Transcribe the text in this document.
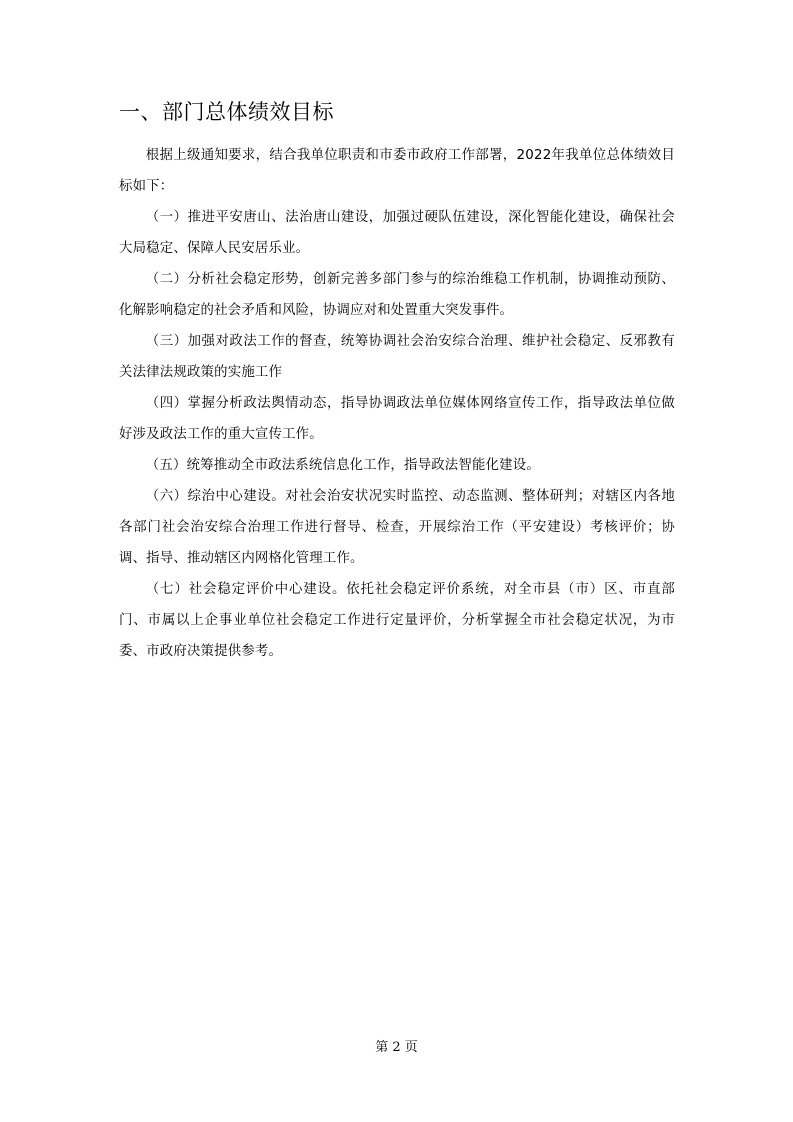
一、部门总体绩效目标

根据上级通知要求，结合我单位职责和市委市政府工作部署，2022年我单位总体绩效目标如下：

（一）推进平安唐山、法治唐山建设，加强过硬队伍建设，深化智能化建设，确保社会大局稳定、保障人民安居乐业。

（二）分析社会稳定形势，创新完善多部门参与的综治维稳工作机制，协调推动预防、化解影响稳定的社会矛盾和风险，协调应对和处置重大突发事件。

（三）加强对政法工作的督查，统筹协调社会治安综合治理、维护社会稳定、反邪教有关法律法规政策的实施工作

（四）掌握分析政法舆情动态，指导协调政法单位媒体网络宣传工作，指导政法单位做好涉及政法工作的重大宣传工作。

（五）统筹推动全市政法系统信息化工作，指导政法智能化建设。

（六）综治中心建设。对社会治安状况实时监控、动态监测、整体研判；对辖区内各地各部门社会治安综合治理工作进行督导、检查，开展综治工作（平安建设）考核评价；协调、指导、推动辖区内网格化管理工作。

（七）社会稳定评价中心建设。依托社会稳定评价系统，对全市县（市）区、市直部门、市属以上企事业单位社会稳定工作进行定量评价，分析掌握全市社会稳定状况，为市委、市政府决策提供参考。

第 2 页
